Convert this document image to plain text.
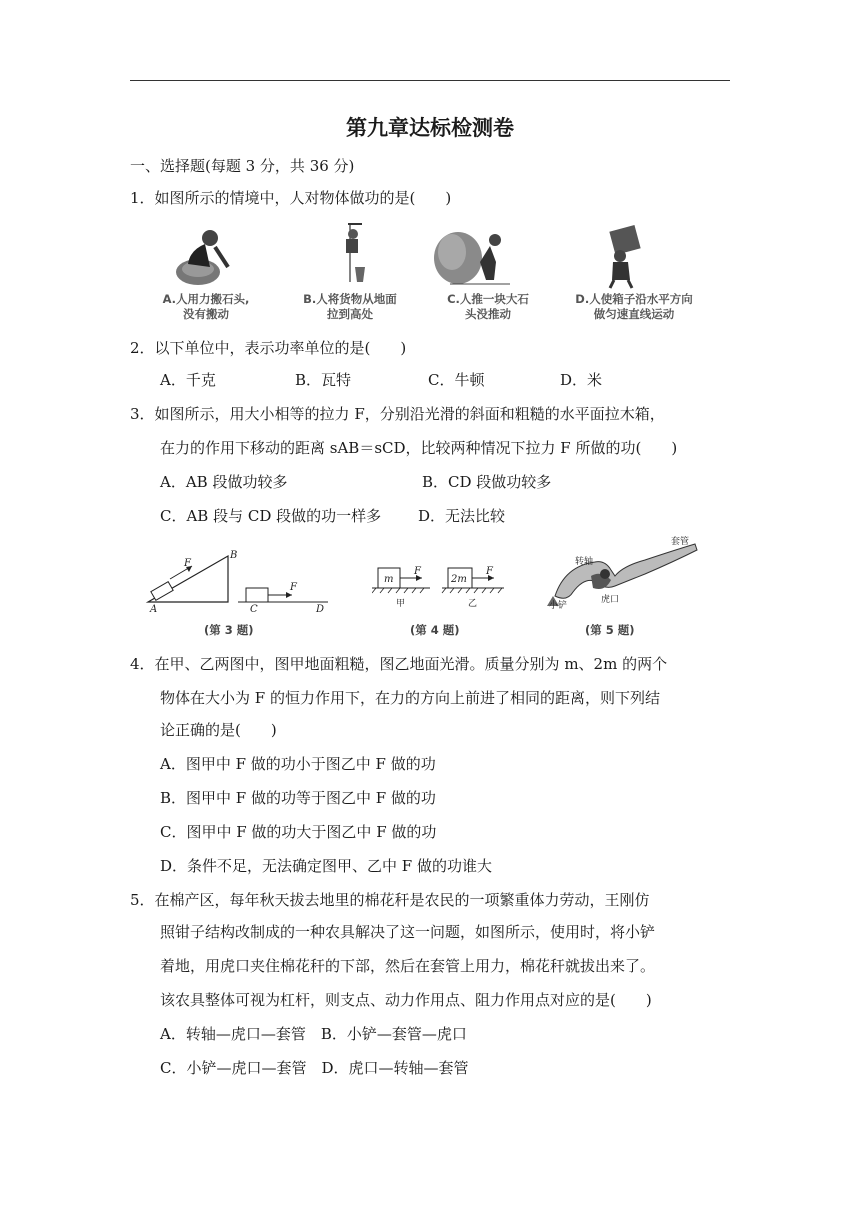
第九章达标检测卷
一、选择题(每题 3 分，共 36 分)
1．如图所示的情境中，人对物体做功的是(　　)
A.人用力搬石头,
没有搬动
B.人将货物从地面
拉到高处
C.人推一块大石
头没推动
D.人使箱子沿水平方向
做匀速直线运动
2．以下单位中，表示功率单位的是(　　)
A．千克	B．瓦特	C．牛顿	D．米
3．如图所示，用大小相等的拉力 F，分别沿光滑的斜面和粗糙的水平面拉木箱，
在力的作用下移动的距离 sAB＝sCD，比较两种情况下拉力 F 所做的功(　　)
A．AB 段做功较多	B．CD 段做功较多
C．AB 段与 CD 段做的功一样多 D．无法比较
A
B
F
F
C	D
(第 3 题)
m
F
甲
2m
F
乙
(第 4 题)
转轴
套管
小铲
虎口
(第 5 题)
4．在甲、乙两图中，图甲地面粗糙，图乙地面光滑。质量分别为 m、2m 的两个
物体在大小为 F 的恒力作用下，在力的方向上前进了相同的距离，则下列结
论正确的是(　　)
A．图甲中 F 做的功小于图乙中 F 做的功
B．图甲中 F 做的功等于图乙中 F 做的功
C．图甲中 F 做的功大于图乙中 F 做的功
D．条件不足，无法确定图甲、乙中 F 做的功谁大
5．在棉产区，每年秋天拔去地里的棉花秆是农民的一项繁重体力劳动，王刚仿
照钳子结构改制成的一种农具解决了这一问题，如图所示，使用时，将小铲
着地，用虎口夹住棉花秆的下部，然后在套管上用力，棉花秆就拔出来了。
该农具整体可视为杠杆，则支点、动力作用点、阻力作用点对应的是(　　)
A．转轴—虎口—套管　B．小铲—套管—虎口
C．小铲—虎口—套管　D．虎口—转轴—套管
